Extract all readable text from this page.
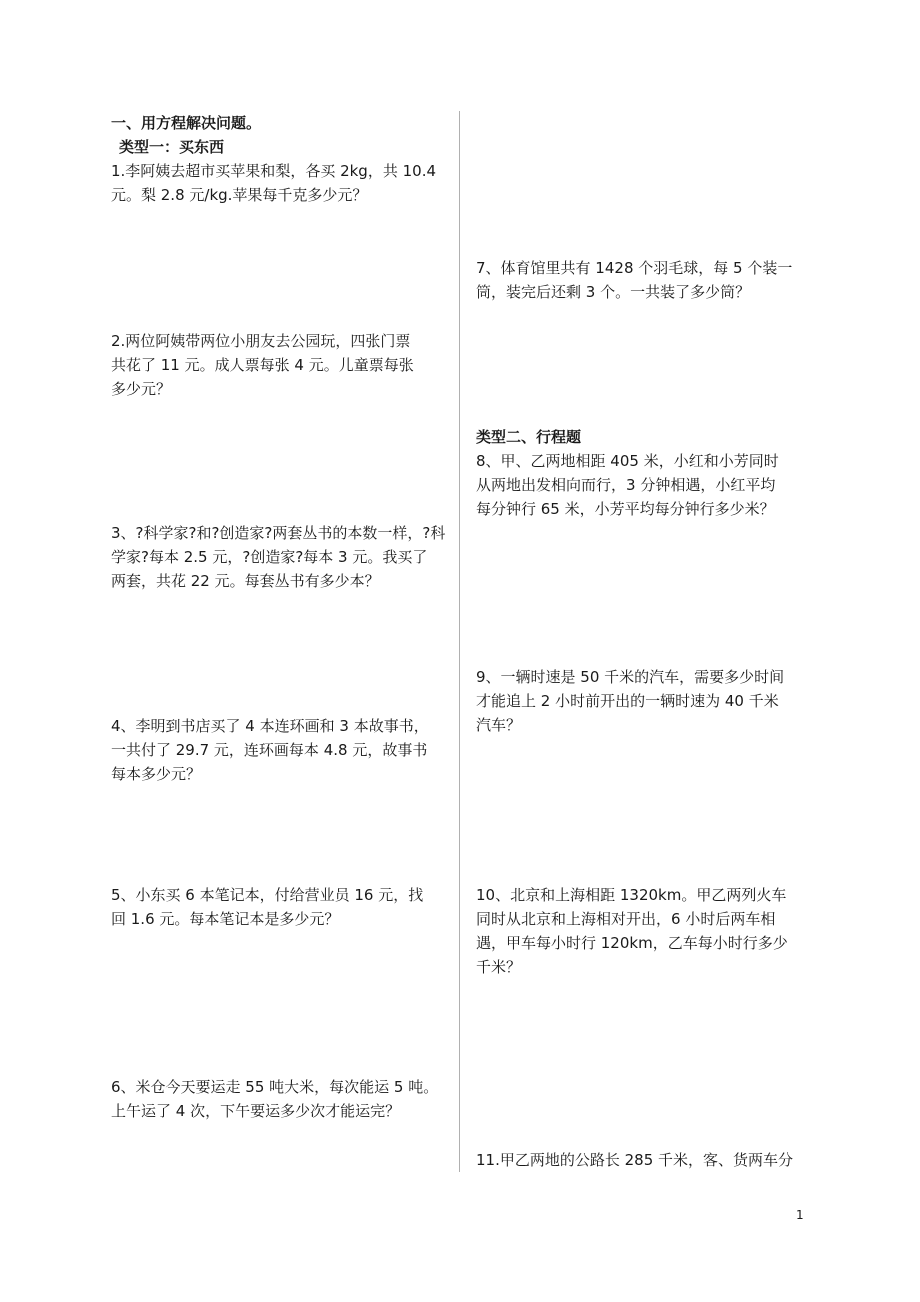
一、用方程解决问题。
类型一：买东西
1.李阿姨去超市买苹果和梨，各买 2kg，共 10.4
元。梨 2.8 元/kg.苹果每千克多少元？
2.两位阿姨带两位小朋友去公园玩，四张门票
共花了 11 元。成人票每张 4 元。儿童票每张
多少元？
3、?科学家?和?创造家?两套丛书的本数一样，?科
学家?每本 2.5 元，?创造家?每本 3 元。我买了
两套，共花 22 元。每套丛书有多少本？
4、李明到书店买了 4 本连环画和 3 本故事书，
一共付了 29.7 元，连环画每本 4.8 元，故事书
每本多少元？
5、小东买 6 本笔记本，付给营业员 16 元，找
回 1.6 元。每本笔记本是多少元？
6、米仓今天要运走 55 吨大米，每次能运 5 吨。
上午运了 4 次，下午要运多少次才能运完？
7、体育馆里共有 1428 个羽毛球，每 5 个装一
筒，装完后还剩 3 个。一共装了多少筒？
类型二、行程题
8、甲、乙两地相距 405 米，小红和小芳同时
从两地出发相向而行，3 分钟相遇，小红平均
每分钟行 65 米，小芳平均每分钟行多少米？
9、一辆时速是 50 千米的汽车，需要多少时间
才能追上 2 小时前开出的一辆时速为 40 千米
汽车？
10、北京和上海相距 1320km。甲乙两列火车
同时从北京和上海相对开出，6 小时后两车相
遇，甲车每小时行 120km，乙车每小时行多少
千米？
11.甲乙两地的公路长 285 千米，客、货两车分
1
